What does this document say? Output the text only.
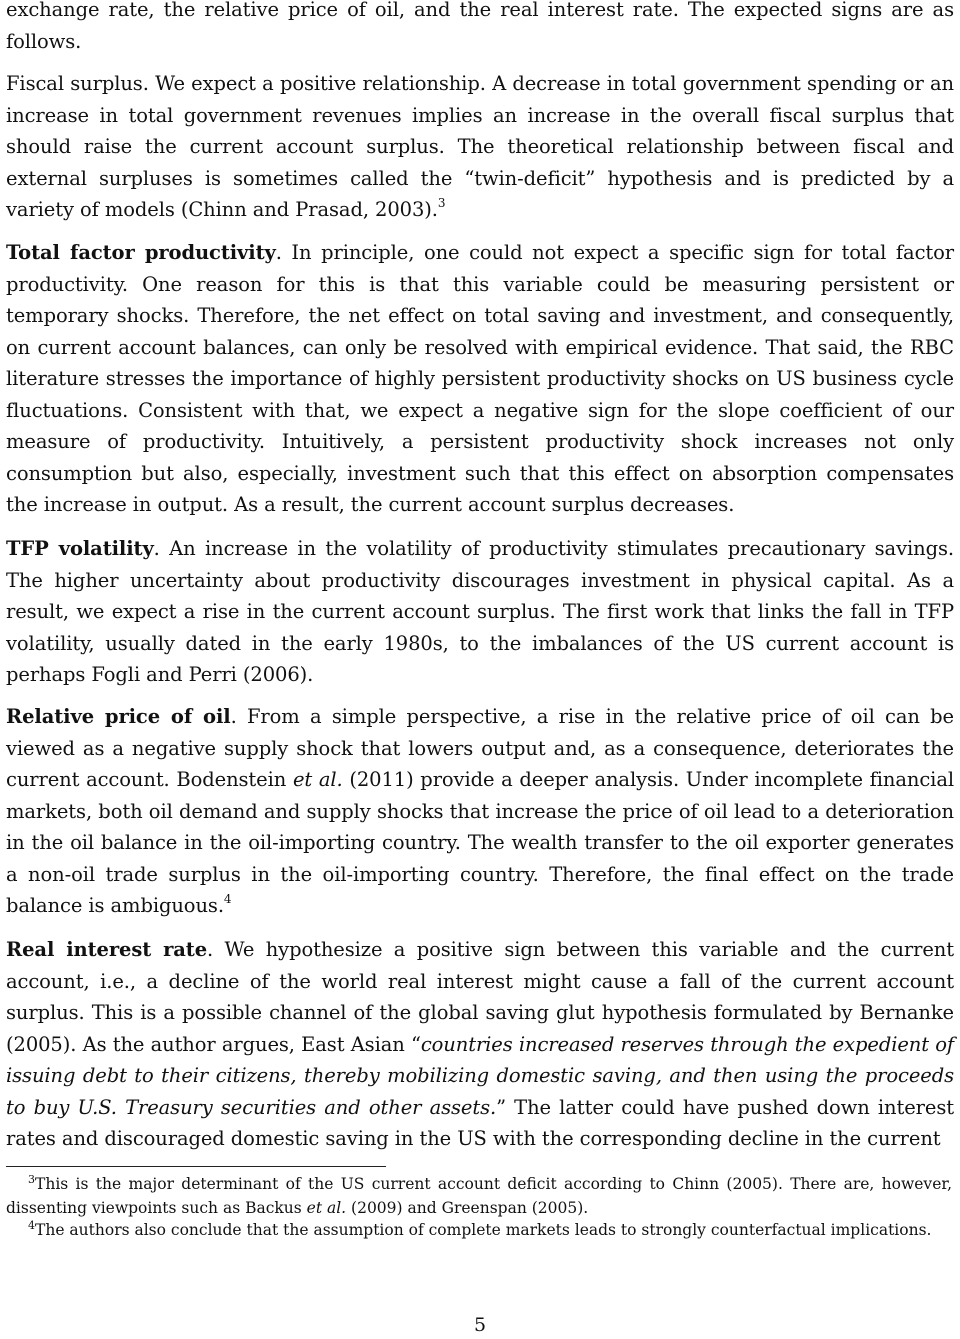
exchange rate, the relative price of oil, and the real interest rate. The expected signs are as follows.

Fiscal surplus. We expect a positive relationship. A decrease in total government spending or an increase in total government revenues implies an increase in the overall fiscal surplus that should raise the current account surplus. The theoretical relationship between fiscal and external surpluses is sometimes called the “twin-deficit” hypothesis and is predicted by a variety of models (Chinn and Prasad, 2003).$^3$

Total factor productivity. In principle, one could not expect a specific sign for total factor productivity. One reason for this is that this variable could be measuring persistent or temporary shocks. Therefore, the net effect on total saving and investment, and consequently, on current account balances, can only be resolved with empirical evidence. That said, the RBC literature stresses the importance of highly persistent productivity shocks on US business cycle fluctuations. Consistent with that, we expect a negative sign for the slope coefficient of our measure of productivity. Intuitively, a persistent productivity shock increases not only consumption but also, especially, investment such that this effect on absorption compensates the increase in output. As a result, the current account surplus decreases.

TFP volatility. An increase in the volatility of productivity stimulates precautionary savings. The higher uncertainty about productivity discourages investment in physical capital. As a result, we expect a rise in the current account surplus. The first work that links the fall in TFP volatility, usually dated in the early 1980s, to the imbalances of the US current account is perhaps Fogli and Perri (2006).

Relative price of oil. From a simple perspective, a rise in the relative price of oil can be viewed as a negative supply shock that lowers output and, as a consequence, deteriorates the current account. Bodenstein et al. (2011) provide a deeper analysis. Under incomplete financial markets, both oil demand and supply shocks that increase the price of oil lead to a deterioration in the oil balance in the oil-importing country. The wealth transfer to the oil exporter generates a non-oil trade surplus in the oil-importing country. Therefore, the final effect on the trade balance is ambiguous.$^4$

Real interest rate. We hypothesize a positive sign between this variable and the current account, i.e., a decline of the world real interest might cause a fall of the current account surplus. This is a possible channel of the global saving glut hypothesis formulated by Bernanke (2005). As the author argues, East Asian “countries increased reserves through the expedient of issuing debt to their citizens, thereby mobilizing domestic saving, and then using the proceeds to buy U.S. Treasury securities and other assets.” The latter could have pushed down interest rates and discouraged domestic saving in the US with the corresponding decline in the current

$^3$This is the major determinant of the US current account deficit according to Chinn (2005). There are, however, dissenting viewpoints such as Backus et al. (2009) and Greenspan (2005).
$^4$The authors also conclude that the assumption of complete markets leads to strongly counterfactual implications.
5
